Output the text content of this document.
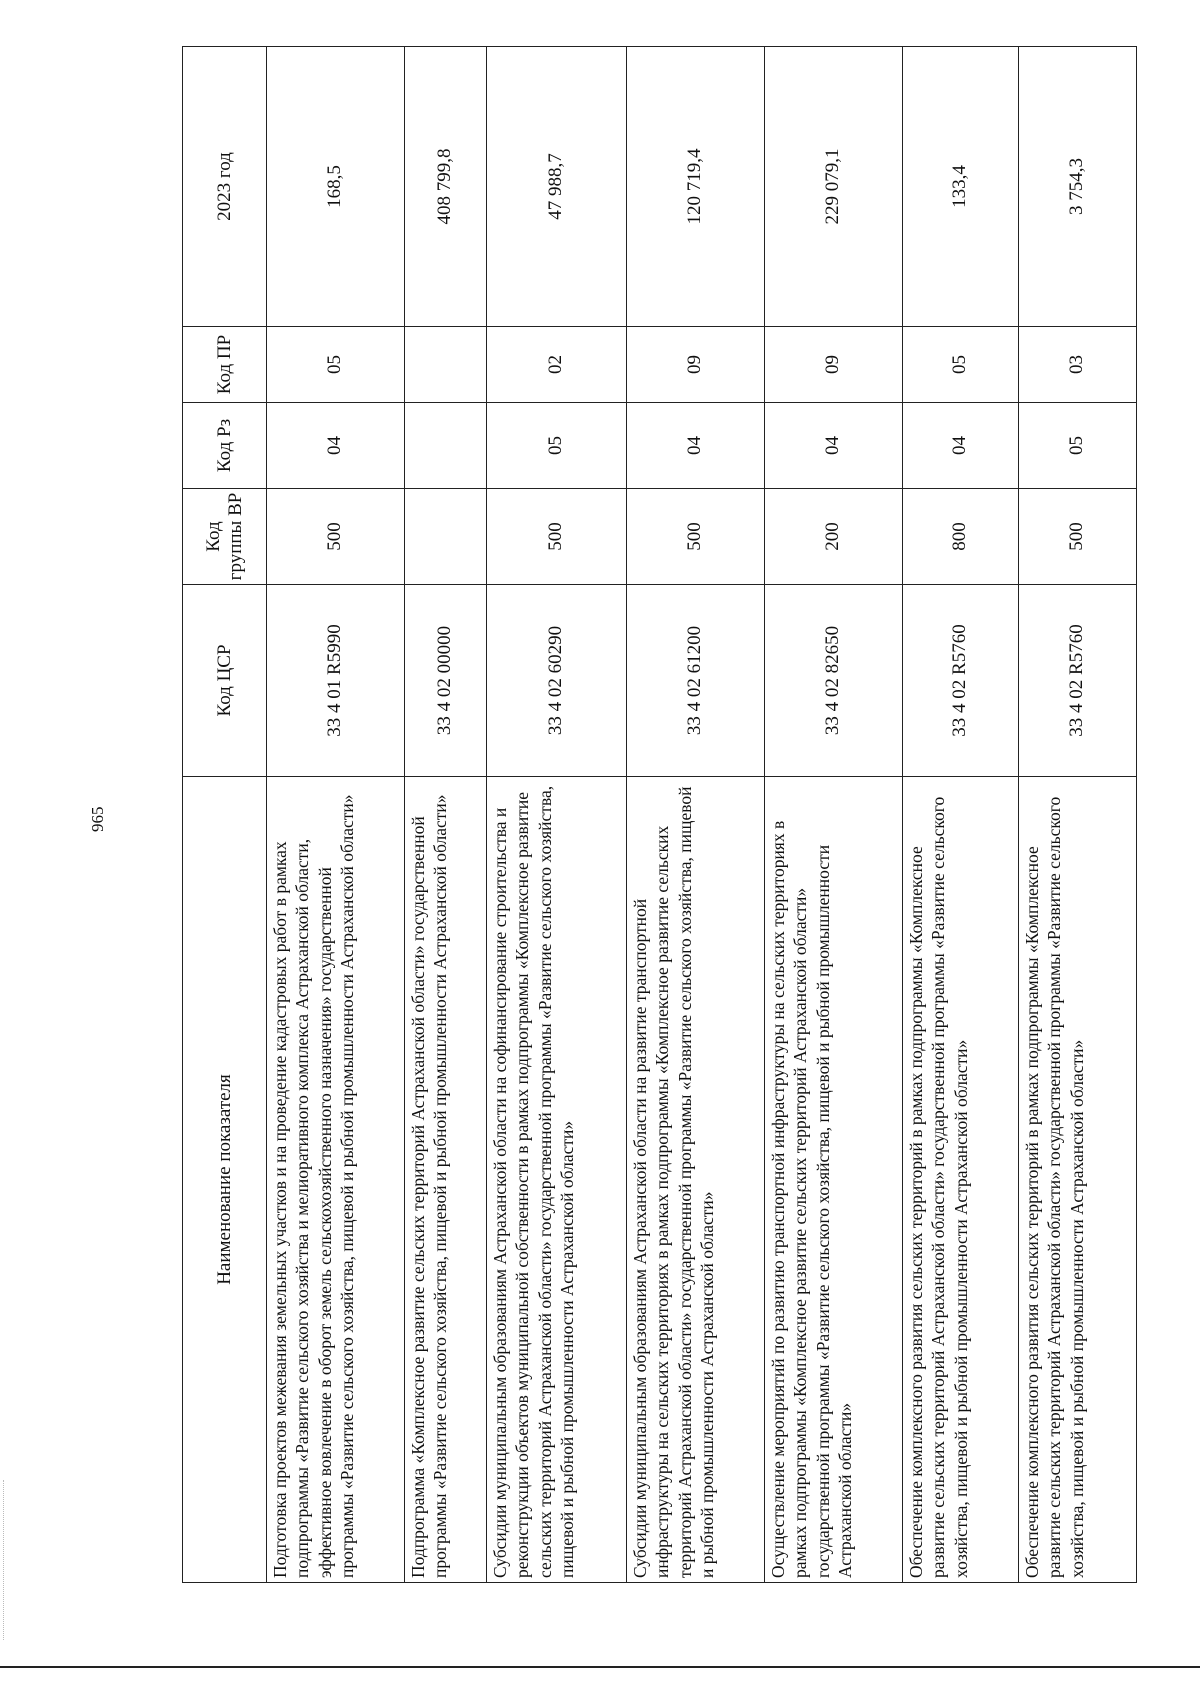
965
Наименование показателя	Код ЦСР	Код группы ВР	Код Рз	Код ПР	2023 год
Подготовка проектов межевания земельных участков и на проведение кадастровых работ в рамках подпрограммы «Развитие сельского хозяйства и мелиоративного комплекса Астраханской области, эффективное вовлечение в оборот земель сельскохозяйственного назначения» государственной программы «Развитие сельского хозяйства, пищевой и рыбной промышленности Астраханской области»	33 4 01 R5990	500	04	05	168,5
Подпрограмма «Комплексное развитие сельских территорий Астраханской области» государственной программы «Развитие сельского хозяйства, пищевой и рыбной промышленности Астраханской области»	33 4 02 00000				408 799,8
Субсидии муниципальным образованиям Астраханской области на софинансирование строительства и реконструкции объектов муниципальной собственности в рамках подпрограммы «Комплексное развитие сельских территорий Астраханской области» государственной программы «Развитие сельского хозяйства, пищевой и рыбной промышленности Астраханской области»	33 4 02 60290	500	05	02	47 988,7
Субсидии муниципальным образованиям Астраханской области на развитие транспортной инфраструктуры на сельских территориях в рамках подпрограммы «Комплексное развитие сельских территорий Астраханской области» государственной программы «Развитие сельского хозяйства, пищевой и рыбной промышленности Астраханской области»	33 4 02 61200	500	04	09	120 719,4
Осуществление мероприятий по развитию транспортной инфраструктуры на сельских территориях в рамках подпрограммы «Комплексное развитие сельских территорий Астраханской области» государственной программы «Развитие сельского хозяйства, пищевой и рыбной промышленности Астраханской области»	33 4 02 82650	200	04	09	229 079,1
Обеспечение комплексного развития сельских территорий в рамках подпрограммы «Комплексное развитие сельских территорий Астраханской области» государственной программы «Развитие сельского хозяйства, пищевой и рыбной промышленности Астраханской области»	33 4 02 R5760	800	04	05	133,4
Обеспечение комплексного развития сельских территорий в рамках подпрограммы «Комплексное развитие сельских территорий Астраханской области» государственной программы «Развитие сельского хозяйства, пищевой и рыбной промышленности Астраханской области»	33 4 02 R5760	500	05	03	3 754,3
